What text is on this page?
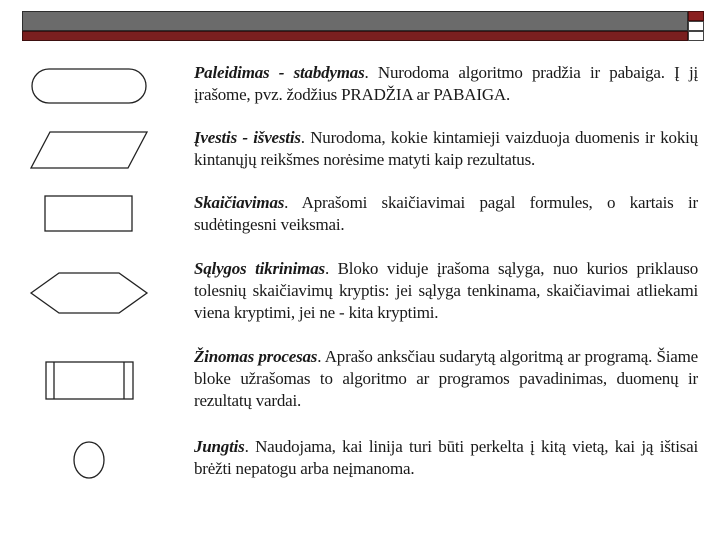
Paleidimas - stabdymas. Nurodoma algoritmo pradžia ir pabaiga. Į jį įrašome, pvz. žodžius PRADŽIA ar PABAIGA.
Įvestis - išvestis. Nurodoma, kokie kintamieji vaizduoja duomenis ir kokių kintanųjų reikšmes norėsime matyti kaip rezultatus.
Skaičiavimas. Aprašomi skaičiavimai pagal formules, o kartais ir sudėtingesni veiksmai.
Sąlygos tikrinimas. Bloko viduje įrašoma sąlyga, nuo kurios priklauso tolesnių skaičiavimų kryptis: jei sąlyga tenkinama, skaičiavimai atliekami viena kryptimi, jei ne - kita kryptimi.
Žinomas procesas. Aprašo anksčiau sudarytą algoritmą ar programą. Šiame bloke užrašomas to algoritmo ar programos pavadinimas, duomenų ir rezultatų vardai.
Jungtis. Naudojama, kai linija turi būti perkelta į kitą vietą, kai ją ištisai brėžti nepatogu arba neįmanoma.
